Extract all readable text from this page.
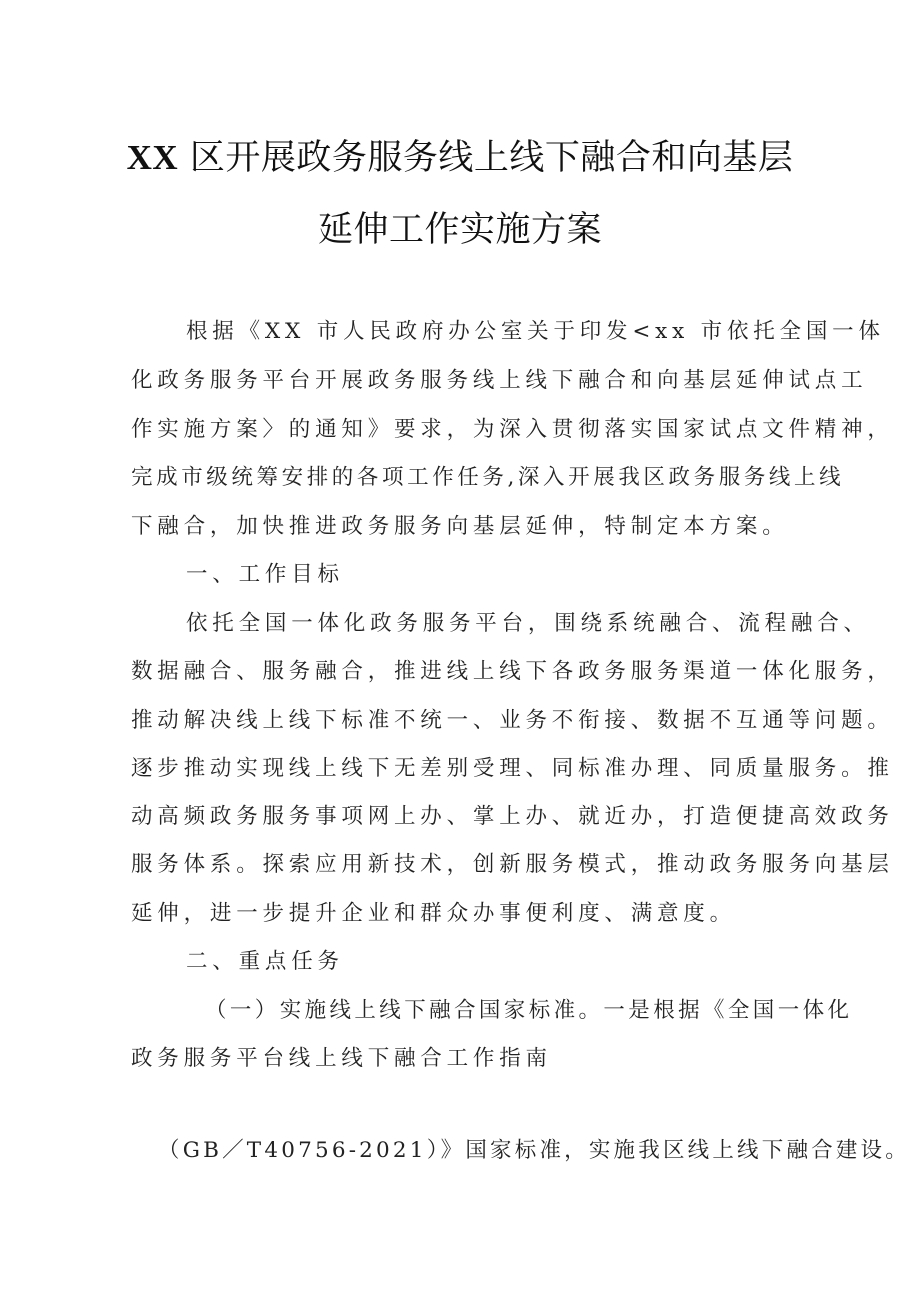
XX 区开展政务服务线上线下融合和向基层
延伸工作实施方案
根据《XX 市人民政府办公室关于印发<xx 市依托全国一体
化政务服务平台开展政务服务线上线下融合和向基层延伸试点工
作实施方案〉的通知》要求，为深入贯彻落实国家试点文件精神，
完成市级统筹安排的各项工作任务,深入开展我区政务服务线上线
下融合，加快推进政务服务向基层延伸，特制定本方案。
一、工作目标
依托全国一体化政务服务平台，围绕系统融合、流程融合、
数据融合、服务融合，推进线上线下各政务服务渠道一体化服务，
推动解决线上线下标准不统一、业务不衔接、数据不互通等问题。
逐步推动实现线上线下无差别受理、同标准办理、同质量服务。推
动高频政务服务事项网上办、掌上办、就近办，打造便捷高效政务
服务体系。探索应用新技术，创新服务模式，推动政务服务向基层
延伸，进一步提升企业和群众办事便利度、满意度。
二、重点任务
（一）实施线上线下融合国家标准。一是根据《全国一体化
政务服务平台线上线下融合工作指南
（GB／T40756-2021）》国家标准，实施我区线上线下融合建设。
